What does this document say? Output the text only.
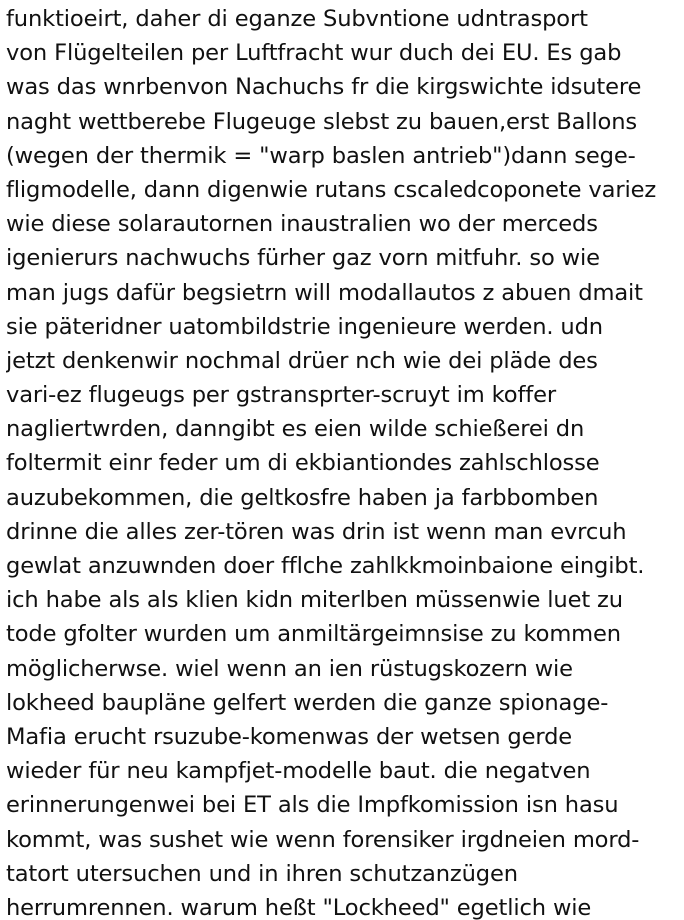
funktioeirt, daher di eganze Subvntione udntrasport
von Flügelteilen per Luftfracht wur duch dei EU. Es gab
was das wnrbenvon Nachuchs fr die kirgswichte idsutere
naght wettberebe Flugeuge slebst zu bauen,erst Ballons
(wegen der thermik = "warp baslen antrieb")dann sege-
fligmodelle, dann digenwie rutans cscaledcoponete variez
wie diese solarautornen inaustralien wo der merceds
igenierurs nachwuchs fürher gaz vorn mitfuhr. so wie
man jugs dafür begsietrn will modallautos z abuen dmait
sie päteridner uatombildstrie ingenieure werden. udn
jetzt denkenwir nochmal drüer nch wie dei pläde des
vari-ez flugeugs per gstransprter-scruyt im koffer
nagliertwrden, danngibt es eien wilde schießerei dn
foltermit einr feder um di ekbiantiondes zahlschlosse
auzubekommen, die geltkosfre haben ja farbbomben
drinne die alles zer-tören was drin ist wenn man evrcuh
gewlat anzuwnden doer fflche zahlkkmoinbaione eingibt.
ich habe als als klien kidn miterlben müssenwie luet zu
tode gfolter wurden um anmiltärgeimnsise zu kommen
möglicherwse. wiel wenn an ien rüstugskozern wie
lokheed baupläne gelfert werden die ganze spionage-
Mafia erucht rsuzube-komenwas der wetsen gerde
wieder für neu kampfjet-modelle baut. die negatven
erinnerungenwei bei ET als die Impfkomission isn hasu
kommt, was sushet wie wenn forensiker irgdneien mord-
tatort utersuchen und in ihren schutzanzügen
herrumrennen. warum heßt "Lockheed" egetlich wie
